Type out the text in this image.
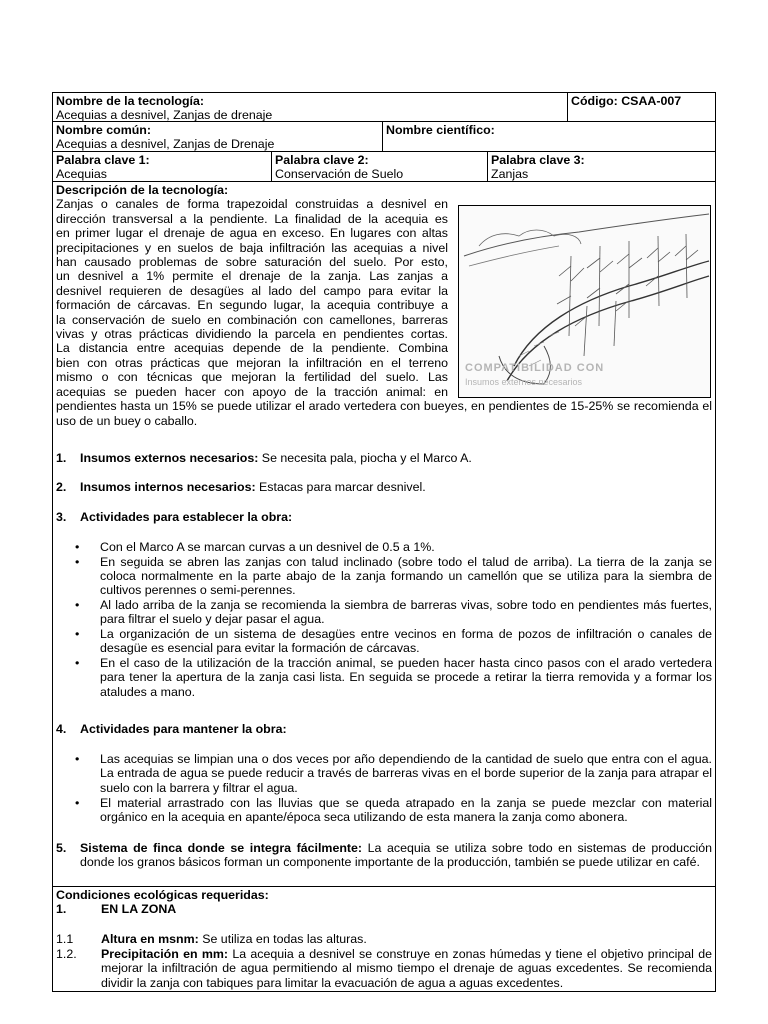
Nombre de la tecnología:
Acequias a desnivel, Zanjas de drenaje
Código: CSAA-007
Nombre común:
Acequias a desnivel, Zanjas de Drenaje
Nombre científico:
Palabra clave 1:
Acequias
Palabra clave 2:
Conservación de Suelo
Palabra clave 3:
Zanjas
Descripción de la tecnología:
Zanjas o canales de forma trapezoidal construidas a desnivel en
dirección transversal a la pendiente. La finalidad de la acequia es
en primer lugar el drenaje de agua en exceso. En lugares con altas
precipitaciones y en suelos de baja infiltración las acequias a nivel
han causado problemas de sobre saturación del suelo. Por esto,
un desnivel a 1% permite el drenaje de la zanja. Las zanjas a
desnivel requieren de desagües al lado del campo para evitar la
formación de cárcavas. En segundo lugar, la acequia contribuye a
la conservación de suelo en combinación con camellones, barreras
vivas y otras prácticas dividiendo la parcela en pendientes cortas.
La distancia entre acequias depende de la pendiente. Combina
bien con otras prácticas que mejoran la infiltración en el terreno
mismo o con técnicas que mejoran la fertilidad del suelo. Las
acequias se pueden hacer con apoyo de la tracción animal: en
pendientes hasta un 15% se puede utilizar el arado vertedera con bueyes, en pendientes de 15-25% se recomienda el uso de un buey o caballo.
COMPATIBILIDAD CON
Insumos externos necesarios
1. Insumos externos necesarios: Se necesita pala, piocha y el Marco A.
2. Insumos internos necesarios: Estacas para marcar desnivel.
3. Actividades para establecer la obra:
• Con el Marco A se marcan curvas a un desnivel de 0.5 a 1%.
• En seguida se abren las zanjas con talud inclinado (sobre todo el talud de arriba). La tierra de la zanja se coloca normalmente en la parte abajo de la zanja formando un camellón que se utiliza para la siembra de cultivos perennes o semi-perennes.
• Al lado arriba de la zanja se recomienda la siembra de barreras vivas, sobre todo en pendientes más fuertes, para filtrar el suelo y dejar pasar el agua.
• La organización de un sistema de desagües entre vecinos en forma de pozos de infiltración o canales de desagüe es esencial para evitar la formación de cárcavas.
• En el caso de la utilización de la tracción animal, se pueden hacer hasta cinco pasos con el arado vertedera para tener la apertura de la zanja casi lista. En seguida se procede a retirar la tierra removida y a formar los ataludes a mano.
4. Actividades para mantener la obra:
• Las acequias se limpian una o dos veces por año dependiendo de la cantidad de suelo que entra con el agua. La entrada de agua se puede reducir a través de barreras vivas en el borde superior de la zanja para atrapar el suelo con la barrera y filtrar el agua.
• El material arrastrado con las lluvias que se queda atrapado en la zanja se puede mezclar con material orgánico en la acequia en apante/época seca utilizando de esta manera la zanja como abonera.
5. Sistema de finca donde se integra fácilmente: La acequia se utiliza sobre todo en sistemas de producción donde los granos básicos forman un componente importante de la producción, también se puede utilizar en café.
Condiciones ecológicas requeridas:
1.	EN LA ZONA
1.1 Altura en msnm: Se utiliza en todas las alturas.
1.2. Precipitación en mm: La acequia a desnivel se construye en zonas húmedas y tiene el objetivo principal de mejorar la infiltración de agua permitiendo al mismo tiempo el drenaje de aguas excedentes. Se recomienda dividir la zanja con tabiques para limitar la evacuación de agua a aguas excedentes.
